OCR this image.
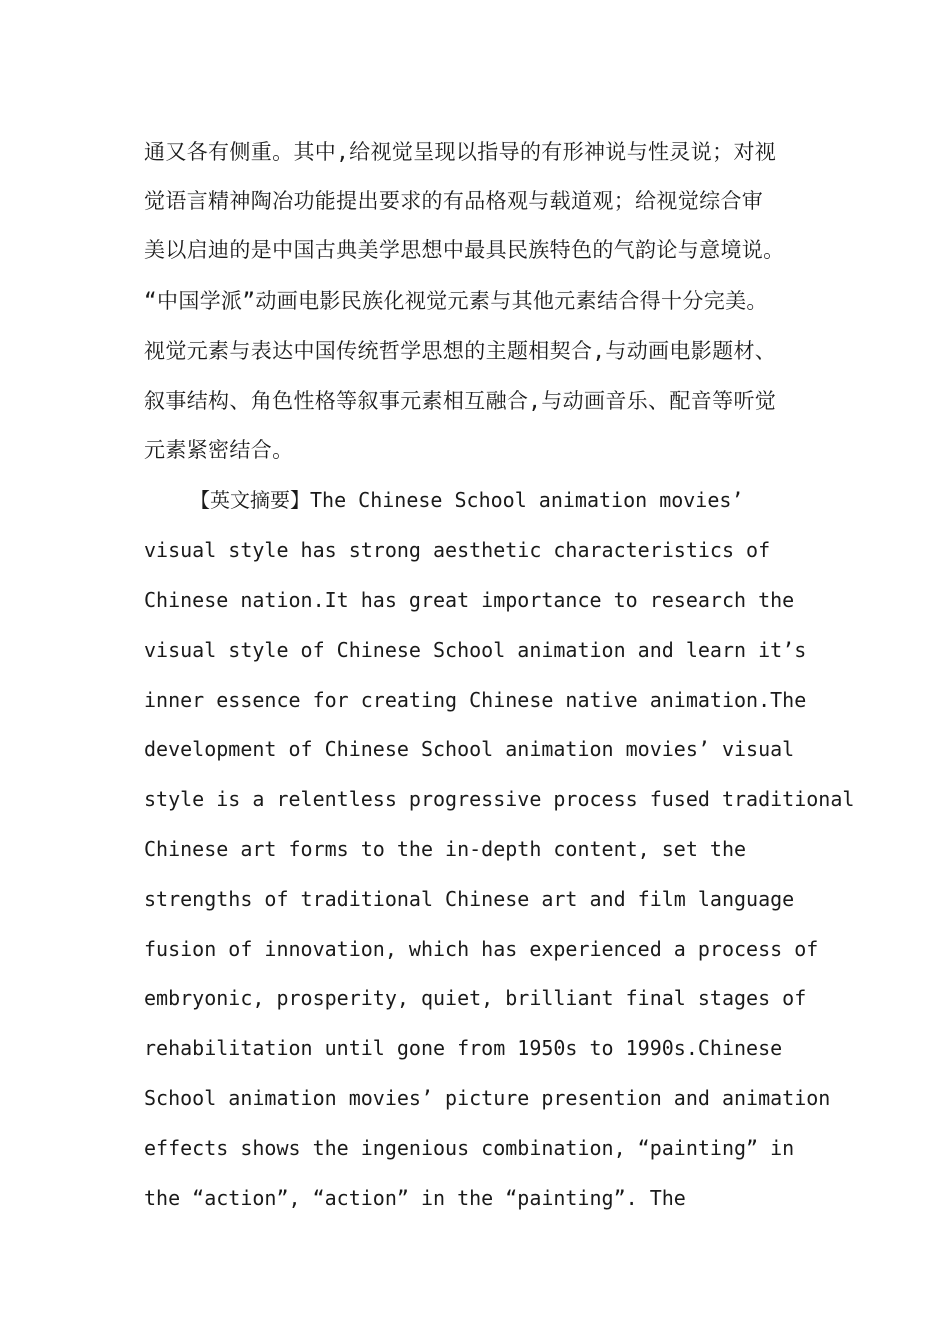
通又各有侧重。其中,给视觉呈现以指导的有形神说与性灵说；对视

觉语言精神陶冶功能提出要求的有品格观与载道观；给视觉综合审

美以启迪的是中国古典美学思想中最具民族特色的气韵论与意境说。

“中国学派”动画电影民族化视觉元素与其他元素结合得十分完美。

视觉元素与表达中国传统哲学思想的主题相契合,与动画电影题材、

叙事结构、角色性格等叙事元素相互融合,与动画音乐、配音等听觉

元素紧密结合。

【英文摘要】The Chinese School animation movies’

visual style has strong aesthetic characteristics of

Chinese nation.It has great importance to research the

visual style of Chinese School animation and learn it’s

inner essence for creating Chinese native animation.The

development of Chinese School animation movies’ visual

style is a relentless progressive process fused traditional

Chinese art forms to the in-depth content, set the

strengths of traditional Chinese art and film language

fusion of innovation, which has experienced a process of

embryonic, prosperity, quiet, brilliant final stages of

rehabilitation until gone from 1950s to 1990s.Chinese

School animation movies’ picture presention and animation

effects shows the ingenious combination, “painting” in

the “action”, “action” in the “painting”. The
